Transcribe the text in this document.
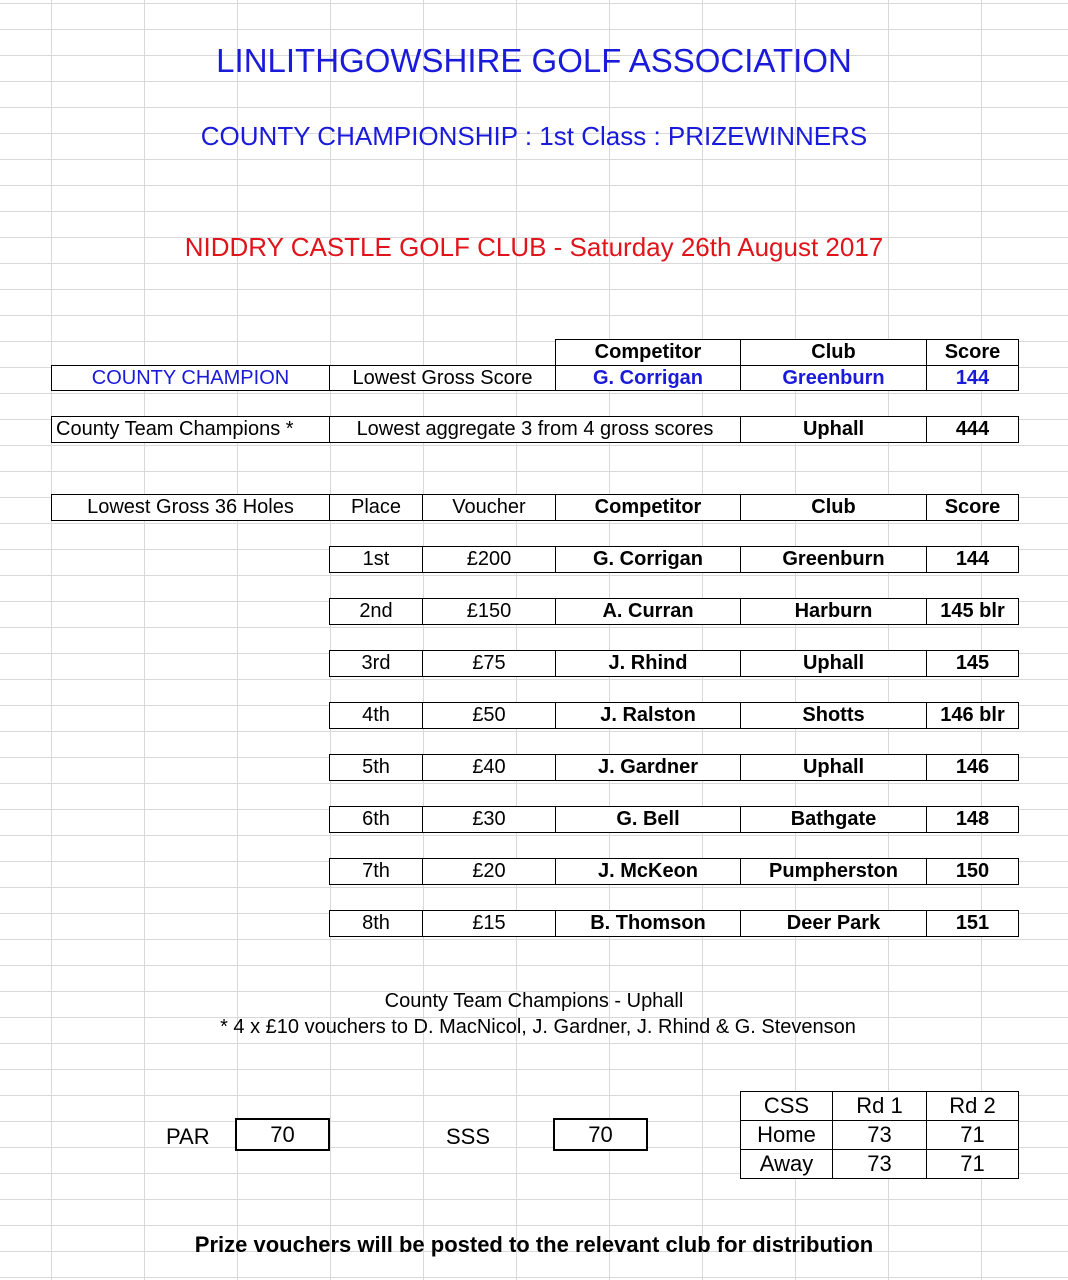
LINLITHGOWSHIRE GOLF ASSOCIATION
COUNTY CHAMPIONSHIP : 1st Class : PRIZEWINNERS
NIDDRY CASTLE GOLF CLUB - Saturday 26th August 2017
Competitor	Club	Score
COUNTY CHAMPION	Lowest Gross Score	G. Corrigan	Greenburn	144
County Team Champions *	Lowest aggregate 3 from 4 gross scores	Uphall	444
Lowest Gross 36 Holes	Place	Voucher	Competitor	Club	Score
1st	£200	G. Corrigan	Greenburn	144
2nd	£150	A. Curran	Harburn	145 blr
3rd	£75	J. Rhind	Uphall	145
4th	£50	J. Ralston	Shotts	146 blr
5th	£40	J. Gardner	Uphall	146
6th	£30	G. Bell	Bathgate	148
7th	£20	J. McKeon	Pumpherston	150
8th	£15	B. Thomson	Deer Park	151
County Team Champions - Uphall
* 4 x £10 vouchers to D. MacNicol, J. Gardner, J. Rhind & G. Stevenson
PAR	70	SSS	70
CSS	Rd 1	Rd 2
Home	73	71
Away	73	71
Prize vouchers will be posted to the relevant club for distribution
